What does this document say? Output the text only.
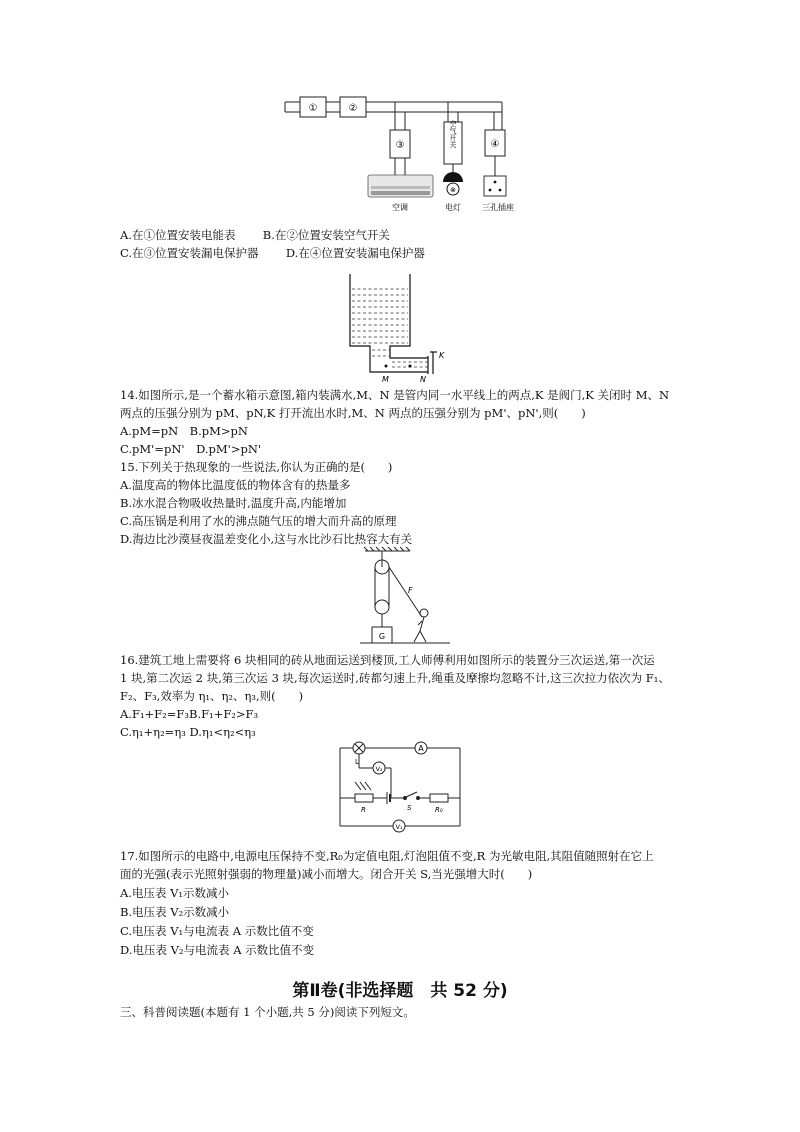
⊗
①	②
③	④
空气开关
空调	电灯	三孔插座
A.在①位置安装电能表 B.在②位置安装空气开关
C.在③位置安装漏电保护器 D.在④位置安装漏电保护器
K
M	N
14.如图所示,是一个蓄水箱示意图,箱内装满水,M、N 是管内同一水平线上的两点,K 是阀门,K 关闭时 M、N
两点的压强分别为 pM、pN,K 打开流出水时,M、N 两点的压强分别为 pM'、pN',则(　　)
A.pM=pN　B.pM>pN
C.pM'=pN'　D.pM'>pN'
15.下列关于热现象的一些说法,你认为正确的是(　　)
A.温度高的物体比温度低的物体含有的热量多
B.冰水混合物吸收热量时,温度升高,内能增加
C.高压锅是利用了水的沸点随气压的增大而升高的原理
D.海边比沙漠昼夜温差变化小,这与水比沙石比热容大有关
F
G
16.建筑工地上需要将 6 块相同的砖从地面运送到楼顶,工人师傅利用如图所示的装置分三次运送,第一次运
1 块,第二次运 2 块,第三次运 3 块,每次运送时,砖都匀速上升,绳重及摩擦均忽略不计,这三次拉力依次为 F₁、
F₂、F₃,效率为 η₁、η₂、η₃,则(　　)
A.F₁+F₂=F₃B.F₁+F₂>F₃
C.η₁+η₂=η₃ D.η₁<η₂<η₃
A
V₂
V₁
L
R	S	R₀
17.如图所示的电路中,电源电压保持不变,R₀为定值电阻,灯泡阻值不变,R 为光敏电阻,其阻值随照射在它上
面的光强(表示光照射强弱的物理量)减小而增大。闭合开关 S,当光强增大时(　　)
A.电压表 V₁示数减小
B.电压表 V₂示数减小
C.电压表 V₁与电流表 A 示数比值不变
D.电压表 V₂与电流表 A 示数比值不变
第Ⅱ卷(非选择题　共 52 分)
三、科普阅读题(本题有 1 个小题,共 5 分)阅读下列短文。
